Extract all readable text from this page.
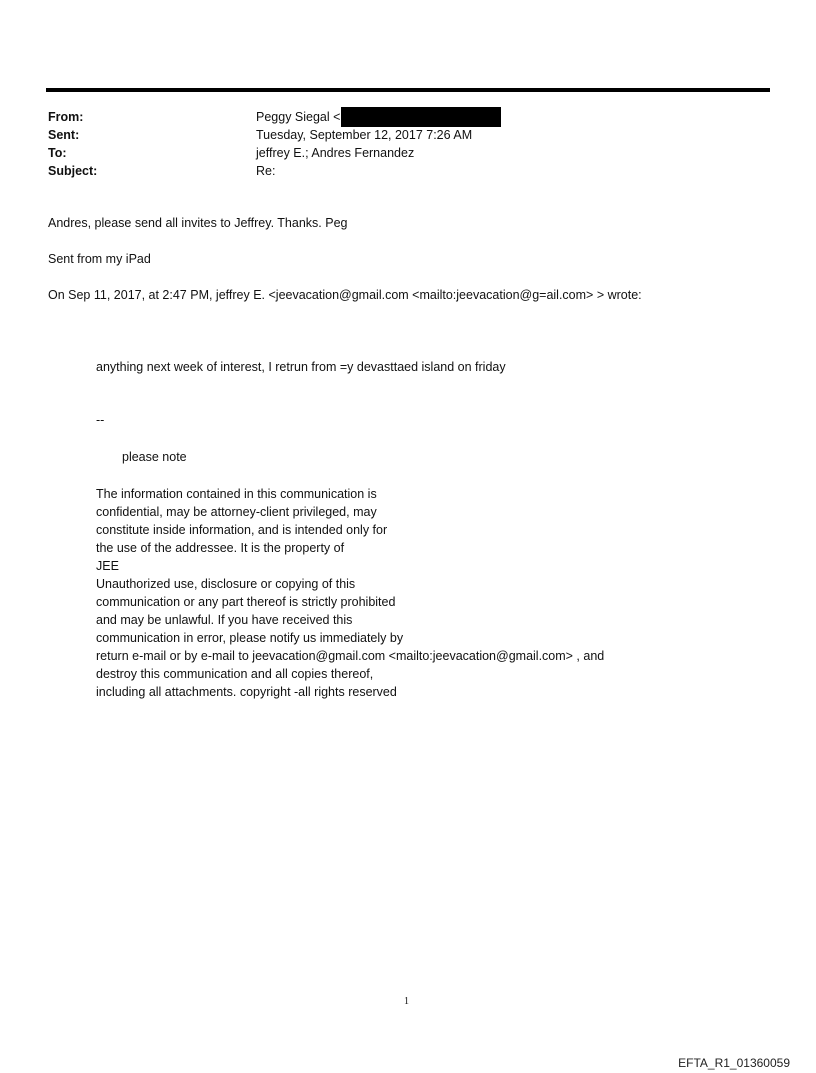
From:	Peggy Siegal <
Sent:	Tuesday, September 12, 2017 7:26 AM
To:	jeffrey E.; Andres Fernandez
Subject:	Re:
Andres, please send all invites to Jeffrey. Thanks. Peg
Sent from my iPad
On Sep 11, 2017, at 2:47 PM, jeffrey E. <jeevacation@gmail.com <mailto:jeevacation@g=ail.com> > wrote:
anything next week of interest, I retrun from =y devasttaed island on friday
--
please note
The information contained in this communication is
confidential, may be attorney-client privileged, may
constitute inside information, and is intended only for
the use of the addressee. It is the property of
JEE
Unauthorized use, disclosure or copying of this
communication or any part thereof is strictly prohibited
and may be unlawful. If you have received this
communication in error, please notify us immediately by
return e-mail or by e-mail to jeevacation@gmail.com <mailto:jeevacation@gmail.com> , and
destroy this communication and all copies thereof,
including all attachments. copyright -all rights reserved
1
EFTA_R1_01360059
